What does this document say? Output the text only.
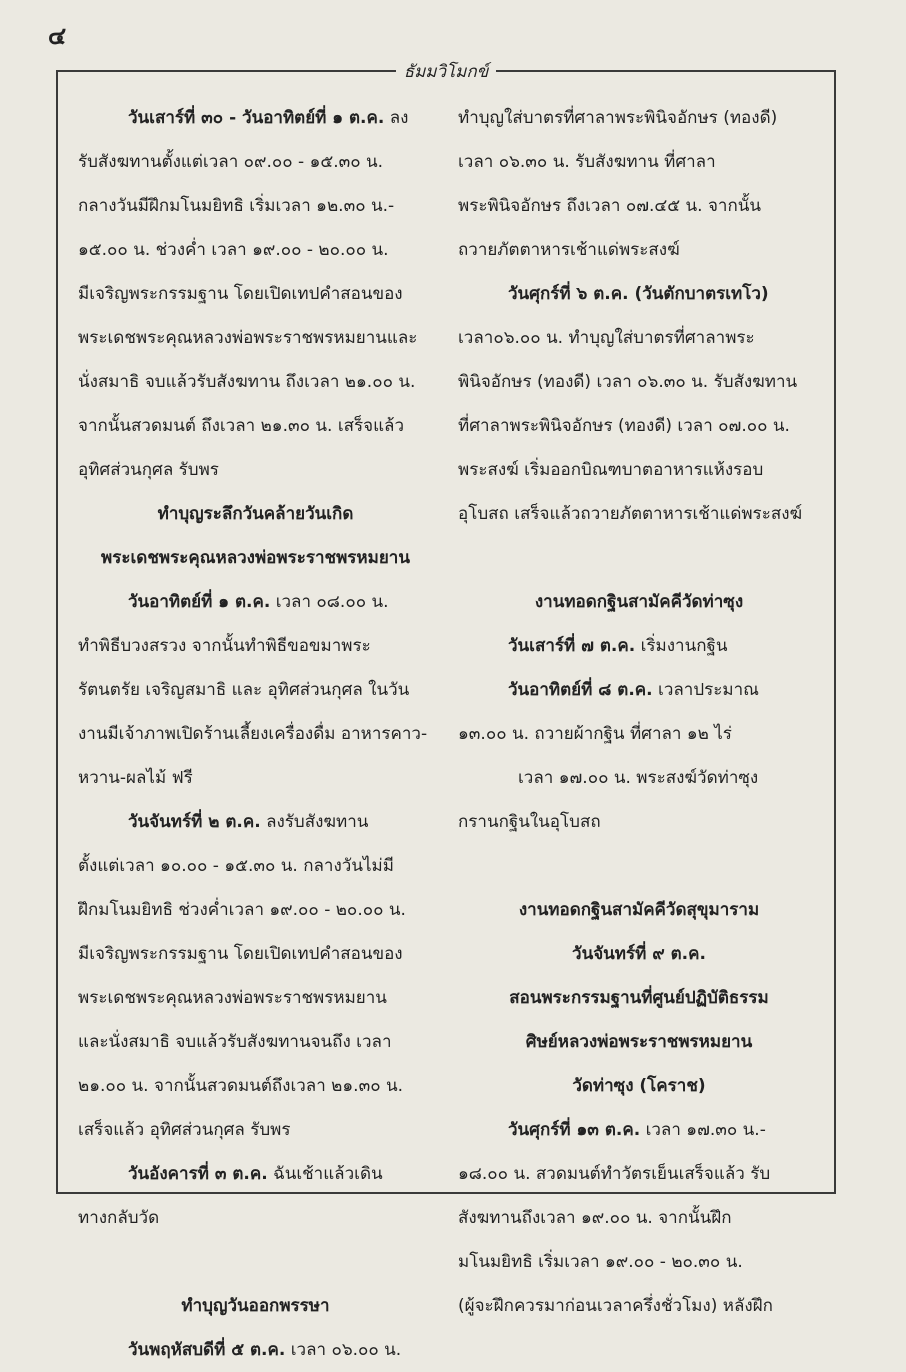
๔
ธัมมวิโมกข์
วันเสาร์ที่ ๓๐ - วันอาทิตย์ที่ ๑ ต.ค. ลง
รับสังฆทานตั้งแต่เวลา ๐๙.๐๐ - ๑๕.๓๐ น.
กลางวันมีฝึกมโนมยิทธิ เริ่มเวลา ๑๒.๓๐ น.-
๑๕.๐๐ น. ช่วงค่ำ เวลา ๑๙.๐๐ - ๒๐.๐๐ น.
มีเจริญพระกรรมฐาน โดยเปิดเทปคำสอนของ
พระเดชพระคุณหลวงพ่อพระราชพรหมยานและ
นั่งสมาธิ จบแล้วรับสังฆทาน ถึงเวลา ๒๑.๐๐ น.
จากนั้นสวดมนต์ ถึงเวลา ๒๑.๓๐ น. เสร็จแล้ว
อุทิศส่วนกุศล รับพร
ทำบุญระลึกวันคล้ายวันเกิด
พระเดชพระคุณหลวงพ่อพระราชพรหมยาน
วันอาทิตย์ที่ ๑ ต.ค. เวลา ๐๘.๐๐ น.
ทำพิธีบวงสรวง จากนั้นทำพิธีขอขมาพระ
รัตนตรัย เจริญสมาธิ และ อุทิศส่วนกุศล ในวัน
งานมีเจ้าภาพเปิดร้านเลี้ยงเครื่องดื่ม อาหารคาว-
หวาน-ผลไม้ ฟรี
วันจันทร์ที่ ๒ ต.ค. ลงรับสังฆทาน
ตั้งแต่เวลา ๑๐.๐๐ - ๑๕.๓๐ น. กลางวันไม่มี
ฝึกมโนมยิทธิ ช่วงค่ำเวลา ๑๙.๐๐ - ๒๐.๐๐ น.
มีเจริญพระกรรมฐาน โดยเปิดเทปคำสอนของ
พระเดชพระคุณหลวงพ่อพระราชพรหมยาน
และนั่งสมาธิ จบแล้วรับสังฆทานจนถึง เวลา
๒๑.๐๐ น. จากนั้นสวดมนต์ถึงเวลา ๒๑.๓๐ น.
เสร็จแล้ว อุทิศส่วนกุศล รับพร
วันอังคารที่ ๓ ต.ค. ฉันเช้าแล้วเดิน
ทางกลับวัด
ทำบุญวันออกพรรษา
วันพฤหัสบดีที่ ๕ ต.ค. เวลา ๐๖.๐๐ น.
ทำบุญใส่บาตรที่ศาลาพระพินิจอักษร (ทองดี)
เวลา ๐๖.๓๐ น. รับสังฆทาน ที่ศาลา
พระพินิจอักษร ถึงเวลา ๐๗.๔๕ น. จากนั้น
ถวายภัตตาหารเช้าแด่พระสงฆ์
วันศุกร์ที่ ๖ ต.ค. (วันตักบาตรเทโว)
เวลา๐๖.๐๐ น. ทำบุญใส่บาตรที่ศาลาพระ
พินิจอักษร (ทองดี) เวลา ๐๖.๓๐ น. รับสังฆทาน
ที่ศาลาพระพินิจอักษร (ทองดี) เวลา ๐๗.๐๐ น.
พระสงฆ์ เริ่มออกบิณฑบาตอาหารแห้งรอบ
อุโบสถ เสร็จแล้วถวายภัตตาหารเช้าแด่พระสงฆ์
งานทอดกฐินสามัคคีวัดท่าซุง
วันเสาร์ที่ ๗ ต.ค. เริ่มงานกฐิน
วันอาทิตย์ที่ ๘ ต.ค. เวลาประมาณ
๑๓.๐๐ น. ถวายผ้ากฐิน ที่ศาลา ๑๒ ไร่
เวลา ๑๗.๐๐ น. พระสงฆ์วัดท่าซุง
กรานกฐินในอุโบสถ
งานทอดกฐินสามัคคีวัดสุขุมาราม
วันจันทร์ที่ ๙ ต.ค.
สอนพระกรรมฐานที่ศูนย์ปฏิบัติธรรม
ศิษย์หลวงพ่อพระราชพรหมยาน
วัดท่าซุง (โคราช)
วันศุกร์ที่ ๑๓ ต.ค. เวลา ๑๗.๓๐ น.-
๑๘.๐๐ น. สวดมนต์ทำวัตรเย็นเสร็จแล้ว รับ
สังฆทานถึงเวลา ๑๙.๐๐ น. จากนั้นฝึก
มโนมยิทธิ เริ่มเวลา ๑๙.๐๐ - ๒๐.๓๐ น.
(ผู้จะฝึกควรมาก่อนเวลาครึ่งชั่วโมง) หลังฝึก
